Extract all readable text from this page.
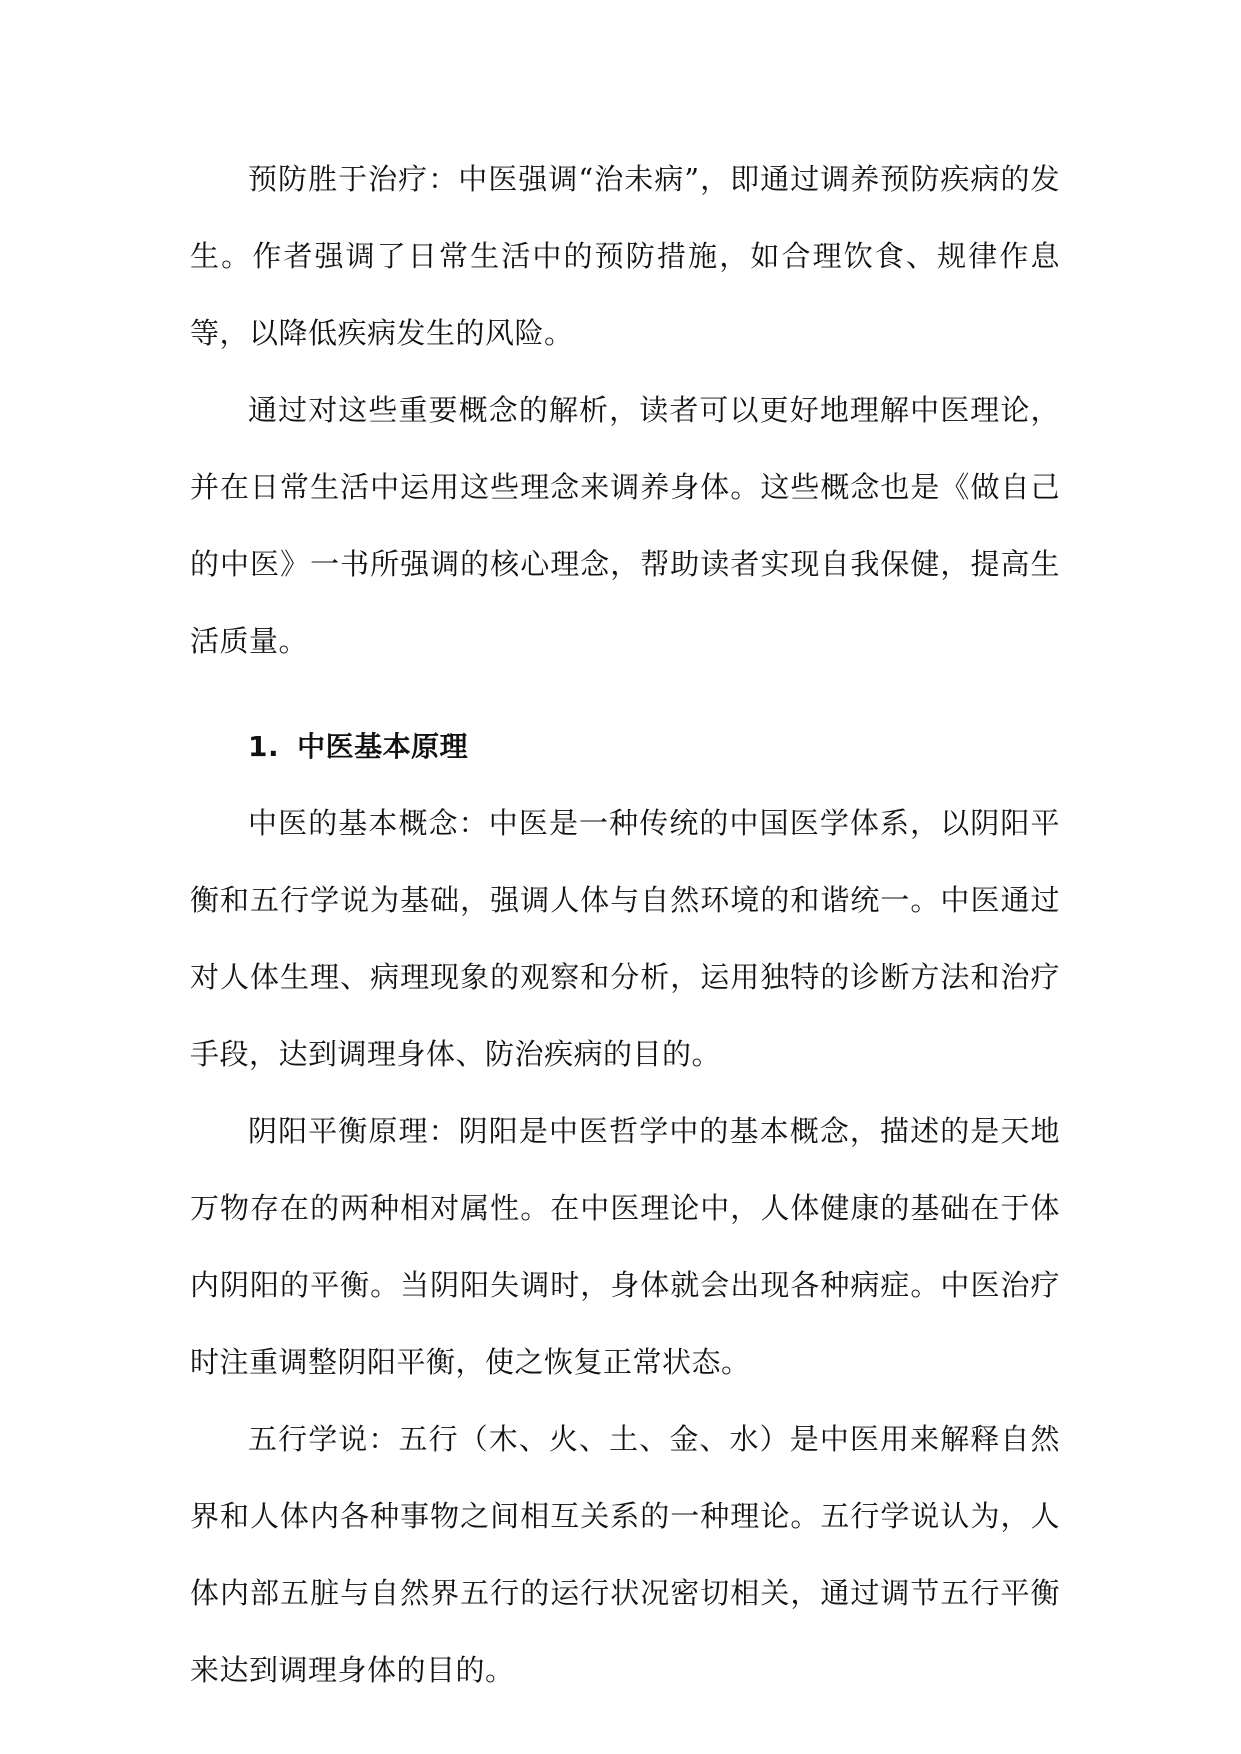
预防胜于治疗：中医强调“治未病”，即通过调养预防疾病的发生。作者强调了日常生活中的预防措施，如合理饮食、规律作息等，以降低疾病发生的风险。

通过对这些重要概念的解析，读者可以更好地理解中医理论，并在日常生活中运用这些理念来调养身体。这些概念也是《做自己的中医》一书所强调的核心理念，帮助读者实现自我保健，提高生活质量。

1. 中医基本原理

中医的基本概念：中医是一种传统的中国医学体系，以阴阳平衡和五行学说为基础，强调人体与自然环境的和谐统一。中医通过对人体生理、病理现象的观察和分析，运用独特的诊断方法和治疗手段，达到调理身体、防治疾病的目的。

阴阳平衡原理：阴阳是中医哲学中的基本概念，描述的是天地万物存在的两种相对属性。在中医理论中，人体健康的基础在于体内阴阳的平衡。当阴阳失调时，身体就会出现各种病症。中医治疗时注重调整阴阳平衡，使之恢复正常状态。

五行学说：五行（木、火、土、金、水）是中医用来解释自然界和人体内各种事物之间相互关系的一种理论。五行学说认为，人体内部五脏与自然界五行的运行状况密切相关，通过调节五行平衡来达到调理身体的目的。
